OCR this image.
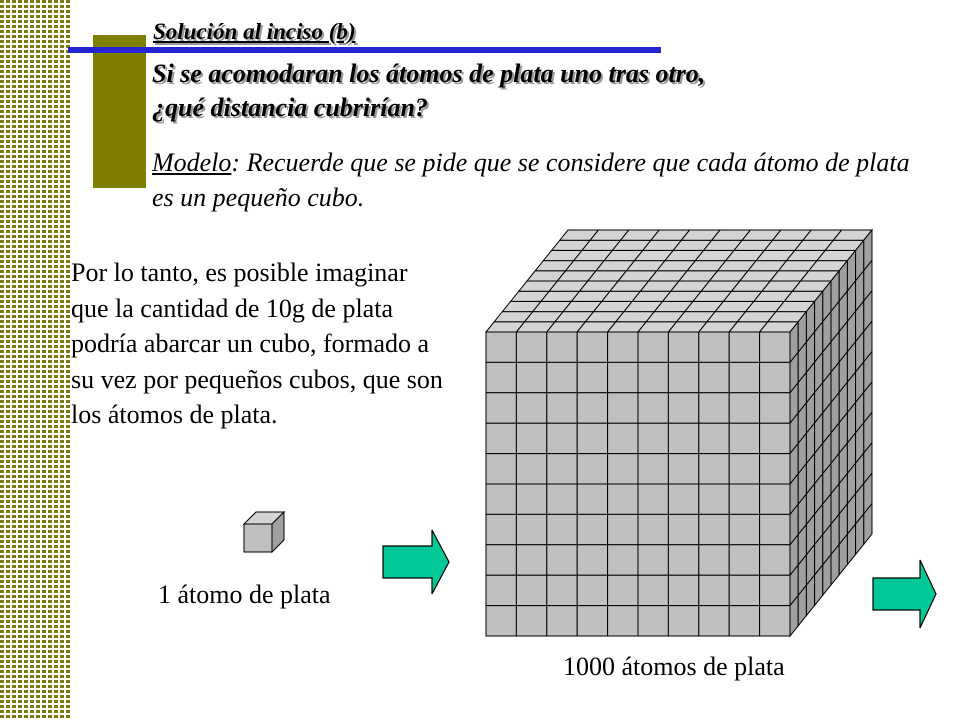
Solución al inciso (b)
Si se acomodaran los átomos de plata uno tras otro,
¿qué distancia cubrirían?

Modelo: Recuerde que se pide que se considere que cada átomo de plata es un pequeño cubo.

Por lo tanto, es posible imaginar que la cantidad de 10g de plata podría abarcar un cubo, formado a su vez por pequeños cubos, que son los átomos de plata.

1 átomo de plata

1000 átomos de plata
